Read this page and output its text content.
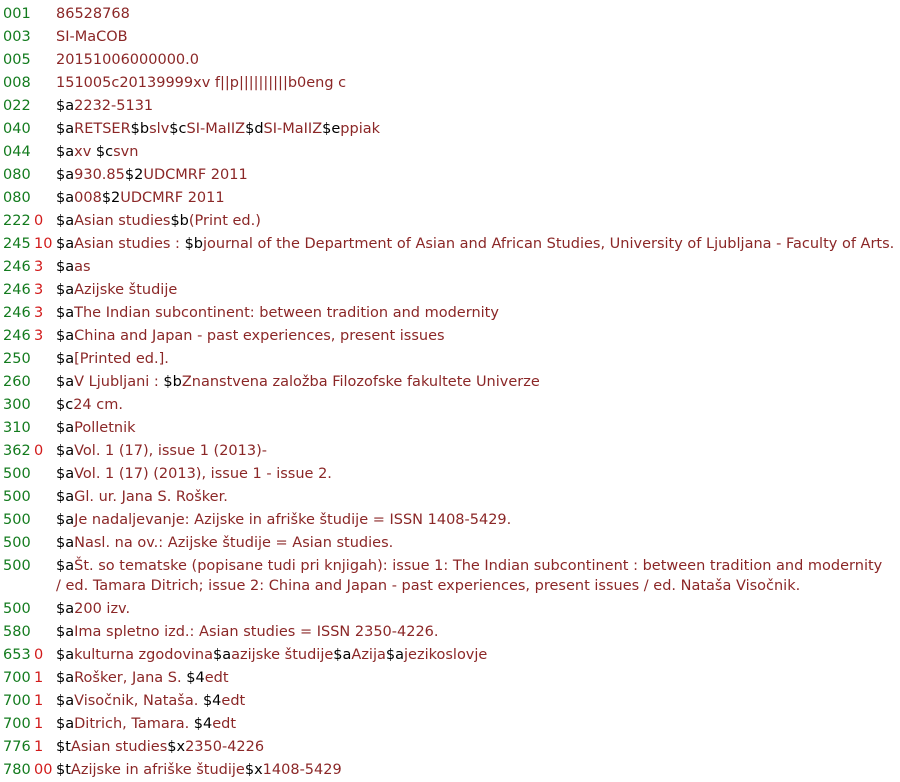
001 86528768
003 SI-MaCOB
005 20151006000000.0
008 151005c20139999xv f||p||||||||||b0eng c
022 $a2232-5131
040 $aRETSER$bslv$cSI-MaIIZ$dSI-MaIIZ$eppiak
044 $axv $csvn
080 $a930.85$2UDCMRF 2011
080 $a008$2UDCMRF 2011
222 0 $aAsian studies$b(Print ed.)
245 10 $aAsian studies : $bjournal of the Department of Asian and African Studies, University of Ljubljana - Faculty of Arts.
246 3 $aas
246 3 $aAzijske študije
246 3 $aThe Indian subcontinent: between tradition and modernity
246 3 $aChina and Japan - past experiences, present issues
250 $a[Printed ed.].
260 $aV Ljubljani : $bZnanstvena založba Filozofske fakultete Univerze
300 $c24 cm.
310 $aPolletnik
362 0 $aVol. 1 (17), issue 1 (2013)-
500 $aVol. 1 (17) (2013), issue 1 - issue 2.
500 $aGl. ur. Jana S. Rošker.
500 $aJe nadaljevanje: Azijske in afriške študije = ISSN 1408-5429.
500 $aNasl. na ov.: Azijske študije = Asian studies.
500 $aŠt. so tematske (popisane tudi pri knjigah): issue 1: The Indian subcontinent : between tradition and modernity / ed. Tamara Ditrich; issue 2: China and Japan - past experiences, present issues / ed. Nataša Visočnik.
500 $a200 izv.
580 $aIma spletno izd.: Asian studies = ISSN 2350-4226.
653 0 $akulturna zgodovina$aazijske študije$aAzija$ajezikoslovje
700 1 $aRošker, Jana S. $4edt
700 1 $aVisočnik, Nataša. $4edt
700 1 $aDitrich, Tamara. $4edt
776 1 $tAsian studies$x2350-4226
780 00 $tAzijske in afriške študije$x1408-5429
